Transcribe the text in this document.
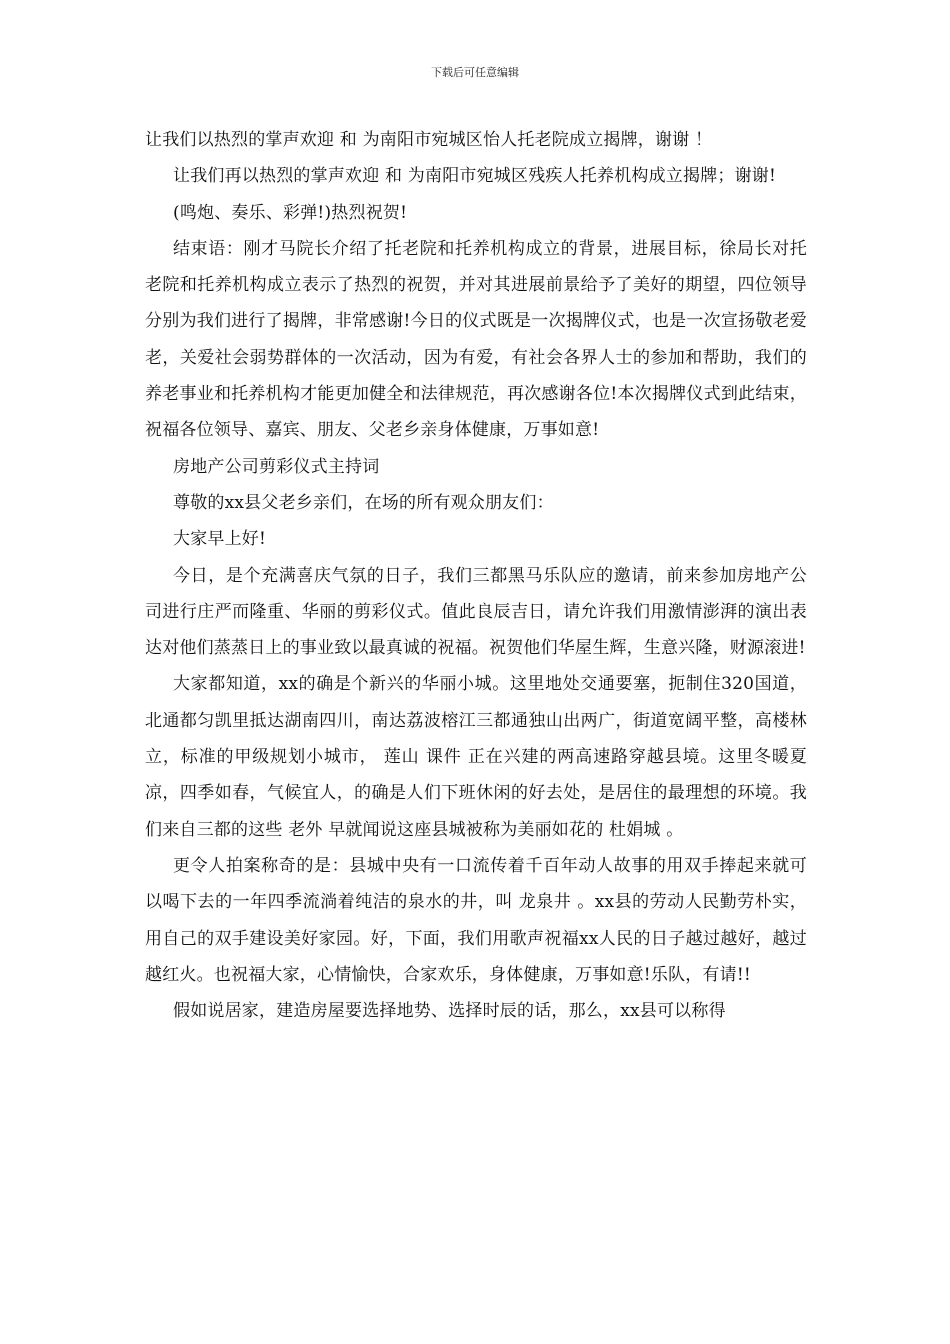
下载后可任意编辑

让我们以热烈的掌声欢迎 和 为南阳市宛城区怡人托老院成立揭牌，谢谢 ！

让我们再以热烈的掌声欢迎 和 为南阳市宛城区残疾人托养机构成立揭牌；谢谢!

(鸣炮、奏乐、彩弹!)热烈祝贺!

结束语：刚才马院长介绍了托老院和托养机构成立的背景，进展目标，徐局长对托老院和托养机构成立表示了热烈的祝贺，并对其进展前景给予了美好的期望，四位领导分别为我们进行了揭牌，非常感谢!今日的仪式既是一次揭牌仪式，也是一次宣扬敬老爱老，关爱社会弱势群体的一次活动，因为有爱，有社会各界人士的参加和帮助，我们的养老事业和托养机构才能更加健全和法律规范，再次感谢各位!本次揭牌仪式到此结束，祝福各位领导、嘉宾、朋友、父老乡亲身体健康，万事如意!

房地产公司剪彩仪式主持词

尊敬的xx县父老乡亲们，在场的所有观众朋友们：

大家早上好!

今日，是个充满喜庆气氛的日子，我们三都黑马乐队应的邀请，前来参加房地产公司进行庄严而隆重、华丽的剪彩仪式。值此良辰吉日，请允许我们用激情澎湃的演出表达对他们蒸蒸日上的事业致以最真诚的祝福。祝贺他们华屋生辉，生意兴隆，财源滚进!

大家都知道，xx的确是个新兴的华丽小城。这里地处交通要塞，扼制住320国道，北通都匀凯里抵达湖南四川，南达荔波榕江三都通独山出两广，街道宽阔平整，高楼林立，标准的甲级规划小城市， 莲山 课件 正在兴建的两高速路穿越县境。这里冬暖夏凉，四季如春，气候宜人，的确是人们下班休闲的好去处，是居住的最理想的环境。我们来自三都的这些 老外 早就闻说这座县城被称为美丽如花的 杜娟城 。

更令人拍案称奇的是：县城中央有一口流传着千百年动人故事的用双手捧起来就可以喝下去的一年四季流淌着纯洁的泉水的井，叫 龙泉井 。xx县的劳动人民勤劳朴实，用自己的双手建设美好家园。好，下面，我们用歌声祝福xx人民的日子越过越好，越过越红火。也祝福大家，心情愉快，合家欢乐，身体健康，万事如意!乐队，有请!!

假如说居家，建造房屋要选择地势、选择时辰的话，那么，xx县可以称得
